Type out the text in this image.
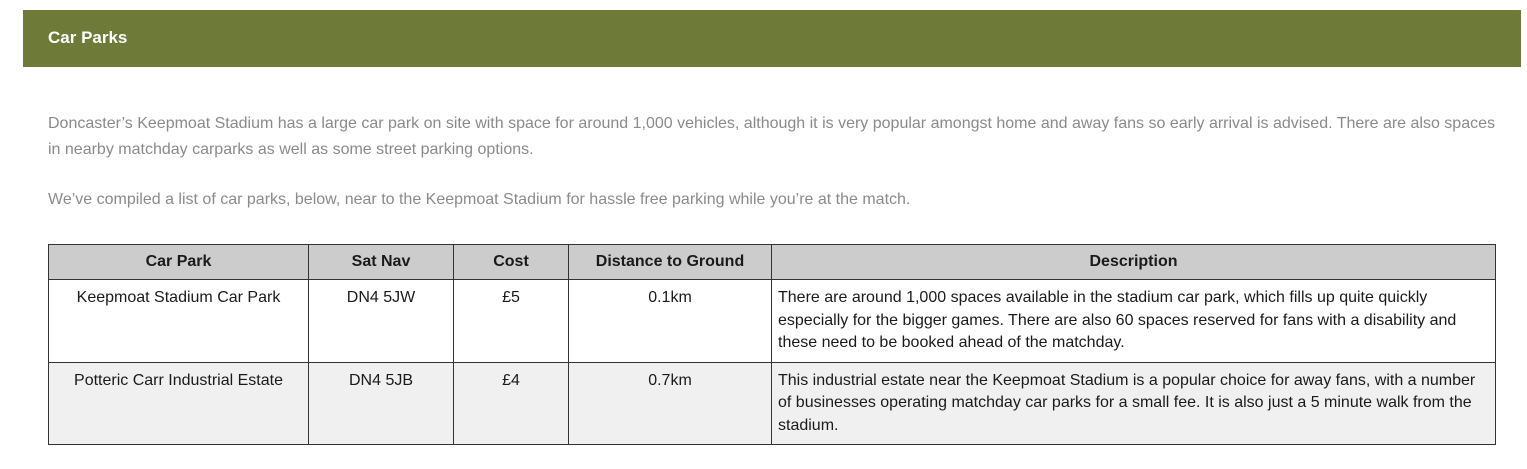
Car Parks

Doncaster’s Keepmoat Stadium has a large car park on site with space for around 1,000 vehicles, although it is very popular amongst home and away fans so early arrival is advised. There are also spaces in nearby matchday carparks as well as some street parking options.

We’ve compiled a list of car parks, below, near to the Keepmoat Stadium for hassle free parking while you’re at the match.

Car Park	Sat Nav	Cost	Distance to Ground	Description
Keepmoat Stadium Car Park	DN4 5JW	£5	0.1km	There are around 1,000 spaces available in the stadium car park, which fills up quite quickly especially for the bigger games. There are also 60 spaces reserved for fans with a disability and these need to be booked ahead of the matchday.
Potteric Carr Industrial Estate	DN4 5JB	£4	0.7km	This industrial estate near the Keepmoat Stadium is a popular choice for away fans, with a number of businesses operating matchday car parks for a small fee. It is also just a 5 minute walk from the stadium.
